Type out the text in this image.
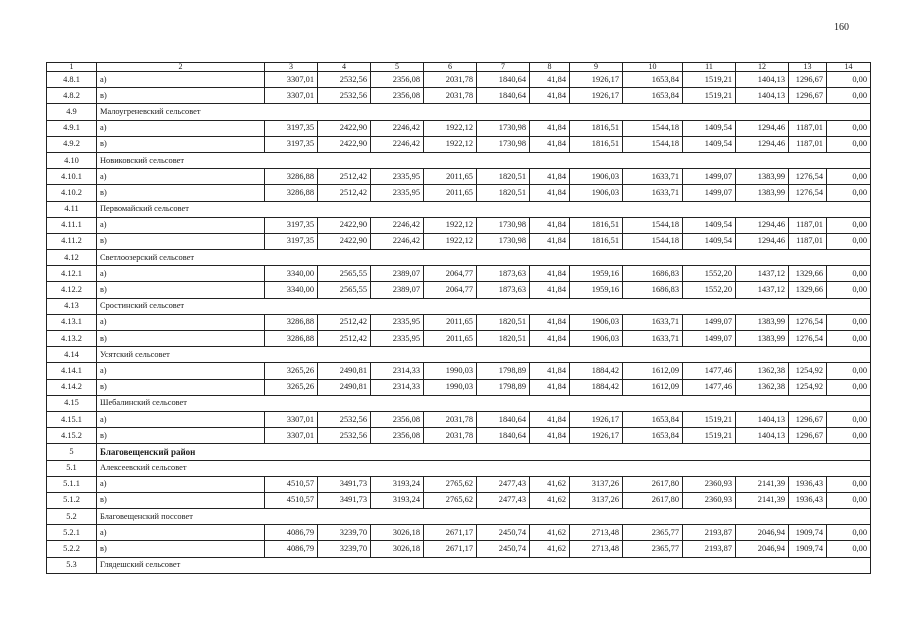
160
1	2	3	4	5	6	7	8	9	10	11	12	13	14
4.8.1	а)	3307,01	2532,56	2356,08	2031,78	1840,64	41,84	1926,17	1653,84	1519,21	1404,13	1296,67	0,00
4.8.2	в)	3307,01	2532,56	2356,08	2031,78	1840,64	41,84	1926,17	1653,84	1519,21	1404,13	1296,67	0,00
4.9	Малоугреневский сельсовет												
4.9.1	а)	3197,35	2422,90	2246,42	1922,12	1730,98	41,84	1816,51	1544,18	1409,54	1294,46	1187,01	0,00
4.9.2	в)	3197,35	2422,90	2246,42	1922,12	1730,98	41,84	1816,51	1544,18	1409,54	1294,46	1187,01	0,00
4.10	Новиковский сельсовет												
4.10.1	а)	3286,88	2512,42	2335,95	2011,65	1820,51	41,84	1906,03	1633,71	1499,07	1383,99	1276,54	0,00
4.10.2	в)	3286,88	2512,42	2335,95	2011,65	1820,51	41,84	1906,03	1633,71	1499,07	1383,99	1276,54	0,00
4.11	Первомайский сельсовет												
4.11.1	а)	3197,35	2422,90	2246,42	1922,12	1730,98	41,84	1816,51	1544,18	1409,54	1294,46	1187,01	0,00
4.11.2	в)	3197,35	2422,90	2246,42	1922,12	1730,98	41,84	1816,51	1544,18	1409,54	1294,46	1187,01	0,00
4.12	Светлоозерский сельсовет												
4.12.1	а)	3340,00	2565,55	2389,07	2064,77	1873,63	41,84	1959,16	1686,83	1552,20	1437,12	1329,66	0,00
4.12.2	в)	3340,00	2565,55	2389,07	2064,77	1873,63	41,84	1959,16	1686,83	1552,20	1437,12	1329,66	0,00
4.13	Сростинский сельсовет												
4.13.1	а)	3286,88	2512,42	2335,95	2011,65	1820,51	41,84	1906,03	1633,71	1499,07	1383,99	1276,54	0,00
4.13.2	в)	3286,88	2512,42	2335,95	2011,65	1820,51	41,84	1906,03	1633,71	1499,07	1383,99	1276,54	0,00
4.14	Усятский сельсовет												
4.14.1	а)	3265,26	2490,81	2314,33	1990,03	1798,89	41,84	1884,42	1612,09	1477,46	1362,38	1254,92	0,00
4.14.2	в)	3265,26	2490,81	2314,33	1990,03	1798,89	41,84	1884,42	1612,09	1477,46	1362,38	1254,92	0,00
4.15	Шебалинский сельсовет												
4.15.1	а)	3307,01	2532,56	2356,08	2031,78	1840,64	41,84	1926,17	1653,84	1519,21	1404,13	1296,67	0,00
4.15.2	в)	3307,01	2532,56	2356,08	2031,78	1840,64	41,84	1926,17	1653,84	1519,21	1404,13	1296,67	0,00
5	Благовещенский район												
5.1	Алексеевский сельсовет												
5.1.1	а)	4510,57	3491,73	3193,24	2765,62	2477,43	41,62	3137,26	2617,80	2360,93	2141,39	1936,43	0,00
5.1.2	в)	4510,57	3491,73	3193,24	2765,62	2477,43	41,62	3137,26	2617,80	2360,93	2141,39	1936,43	0,00
5.2	Благовещенский поссовет												
5.2.1	а)	4086,79	3239,70	3026,18	2671,17	2450,74	41,62	2713,48	2365,77	2193,87	2046,94	1909,74	0,00
5.2.2	в)	4086,79	3239,70	3026,18	2671,17	2450,74	41,62	2713,48	2365,77	2193,87	2046,94	1909,74	0,00
5.3	Глядешский сельсовет												
